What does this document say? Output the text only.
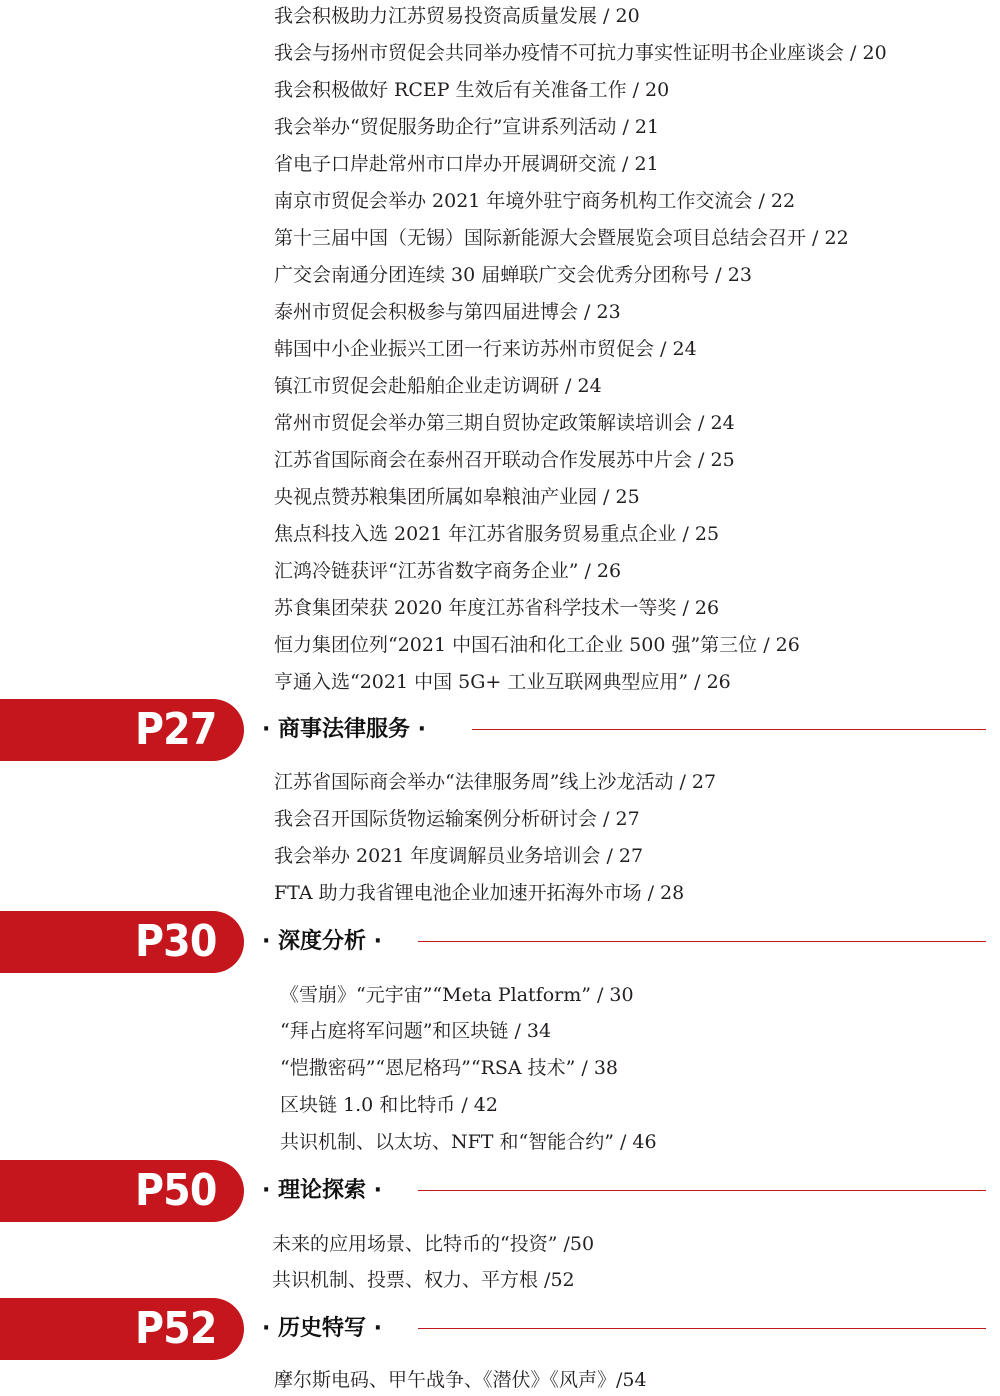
我会积极助力江苏贸易投资高质量发展 / 20
我会与扬州市贸促会共同举办疫情不可抗力事实性证明书企业座谈会 / 20
我会积极做好 RCEP 生效后有关准备工作 / 20
我会举办“贸促服务助企行”宣讲系列活动 / 21
省电子口岸赴常州市口岸办开展调研交流 / 21
南京市贸促会举办 2021 年境外驻宁商务机构工作交流会 / 22
第十三届中国（无锡）国际新能源大会暨展览会项目总结会召开 / 22
广交会南通分团连续 30 届蝉联广交会优秀分团称号 / 23
泰州市贸促会积极参与第四届进博会 / 23
韩国中小企业振兴工团一行来访苏州市贸促会 / 24
镇江市贸促会赴船舶企业走访调研 / 24
常州市贸促会举办第三期自贸协定政策解读培训会 / 24
江苏省国际商会在泰州召开联动合作发展苏中片会 / 25
央视点赞苏粮集团所属如皋粮油产业园 / 25
焦点科技入选 2021 年江苏省服务贸易重点企业 / 25
汇鸿冷链获评“江苏省数字商务企业” / 26
苏食集团荣获 2020 年度江苏省科学技术一等奖 / 26
恒力集团位列“2021 中国石油和化工企业 500 强”第三位 / 26
亨通入选“2021 中国 5G+ 工业互联网典型应用” / 26
P27 · 商事法律服务 ·
江苏省国际商会举办“法律服务周”线上沙龙活动 / 27
我会召开国际货物运输案例分析研讨会 / 27
我会举办 2021 年度调解员业务培训会 / 27
FTA 助力我省锂电池企业加速开拓海外市场 / 28
P30 · 深度分析 ·
《雪崩》“元宇宙”“Meta Platform” / 30
“拜占庭将军问题”和区块链 / 34
“恺撒密码”“恩尼格玛”“RSA 技术” / 38
区块链 1.0 和比特币 / 42
共识机制、以太坊、NFT 和“智能合约” / 46
P50 · 理论探索 ·
未来的应用场景、比特币的“投资” /50
共识机制、投票、权力、平方根 /52
P52 · 历史特写 ·
摩尔斯电码、甲午战争、《潜伏》《风声》/54
